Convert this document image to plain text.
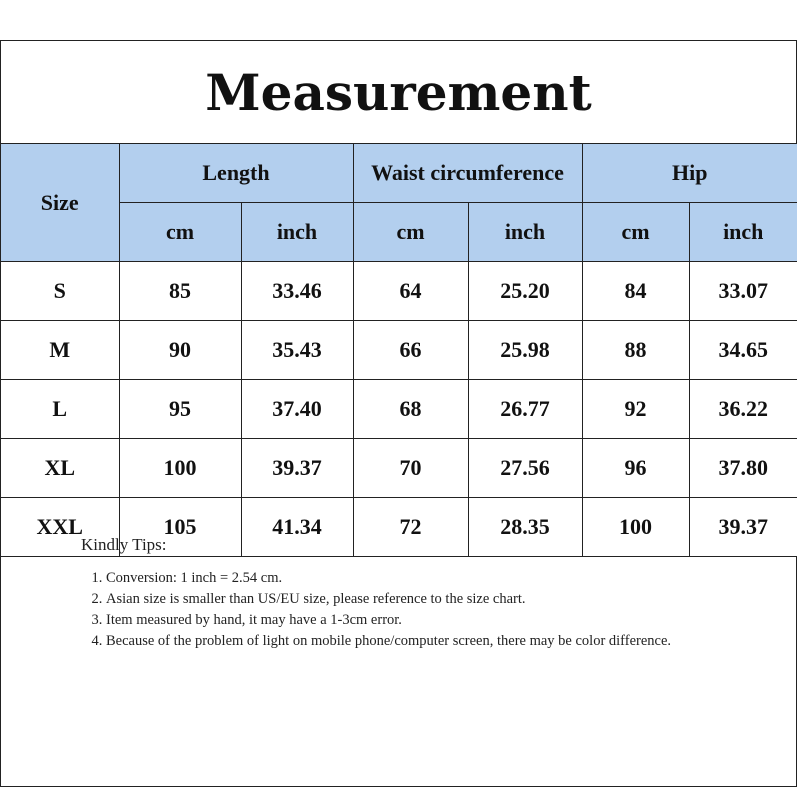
Measurement
Size	Length		Waist circumference		Hip	
	cm	inch	cm	inch	cm	inch
S	85	33.46	64	25.20	84	33.07
M	90	35.43	66	25.98	88	34.65
L	95	37.40	68	26.77	92	36.22
XL	100	39.37	70	27.56	96	37.80
XXL	105	41.34	72	28.35	100	39.37
Kindly Tips:
1. Conversion: 1 inch = 2.54 cm.
2. Asian size is smaller than US/EU size, please reference to the size chart.
3. Item measured by hand, it may have a 1-3cm error.
4. Because of the problem of light on mobile phone/computer screen, there may be color difference.
